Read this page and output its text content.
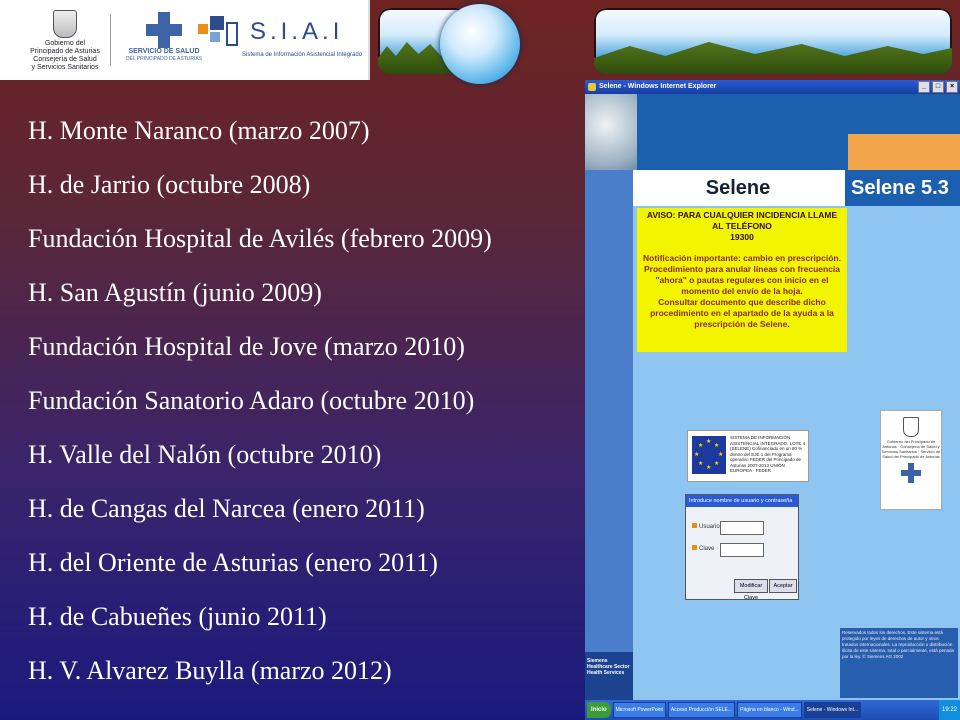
Gobierno del
Principado de Asturias
Consejería de Salud
y Servicios Sanitarios
SERVICIO DE SALUD
DEL PRINCIPADO DE ASTURIAS
S.I.A.I
Sistema de Información Asistencial Integrado
H. Monte Naranco (marzo 2007)
H. de Jarrio (octubre 2008)
Fundación Hospital de Avilés (febrero 2009)
H. San Agustín (junio 2009)
Fundación Hospital de Jove (marzo 2010)
Fundación Sanatorio Adaro (octubre 2010)
H. Valle del Nalón (octubre 2010)
H. de Cangas del Narcea (enero 2011)
H. del Oriente de Asturias (enero 2011)
H. de Cabueñes (junio 2011)
H. V. Alvarez Buylla (marzo 2012)
Selene - Windows Internet Explorer	_	□	×
Selene	Selene 5.3
AVISO: PARA CUALQUIER INCIDENCIA LLAME AL TELÉFONO
19300
Notificación importante: cambio en prescripción.
Procedimiento para anular líneas con frecuencia "ahora" o pautas regulares con inicio en el momento del envío de la hoja.
Consultar documento que describe dicho procedimiento en el apartado de la ayuda a la prescripción de Selene.
★
★
★
★
★
★
★
★
SISTEMA DE INFORMACIÓN ASISTENCIAL INTEGRADO, LOTE 4 (SELENE) Cofinanciado en un 80 % dentro del EJE 1 del Programa operativo FEDER del Principado de Asturias 2007-2013 UNIÓN EUROPEA - FEDER
Gobierno del Principado de Asturias · Consejería de Salud y Servicios Sanitarios · Servicio de Salud del Principado de Asturias
Introduce nombre de usuario y contraseña
Usuario
Clave
Modificar Clave
Aceptar
Reservados todos los derechos. Este sistema está protegido por leyes de derechos de autor y otros tratados internacionales. La reproducción o distribución ilícita de este sistema, total o parcialmente, está penada por la ley. © Siemens AG 2002
Siemens Healthcare Sector Health Services
Inicio	Microsoft PowerPoint	Acceso Producción SELE...	Página en blanco - Wind...	Selene - Windows Int...	19:22
